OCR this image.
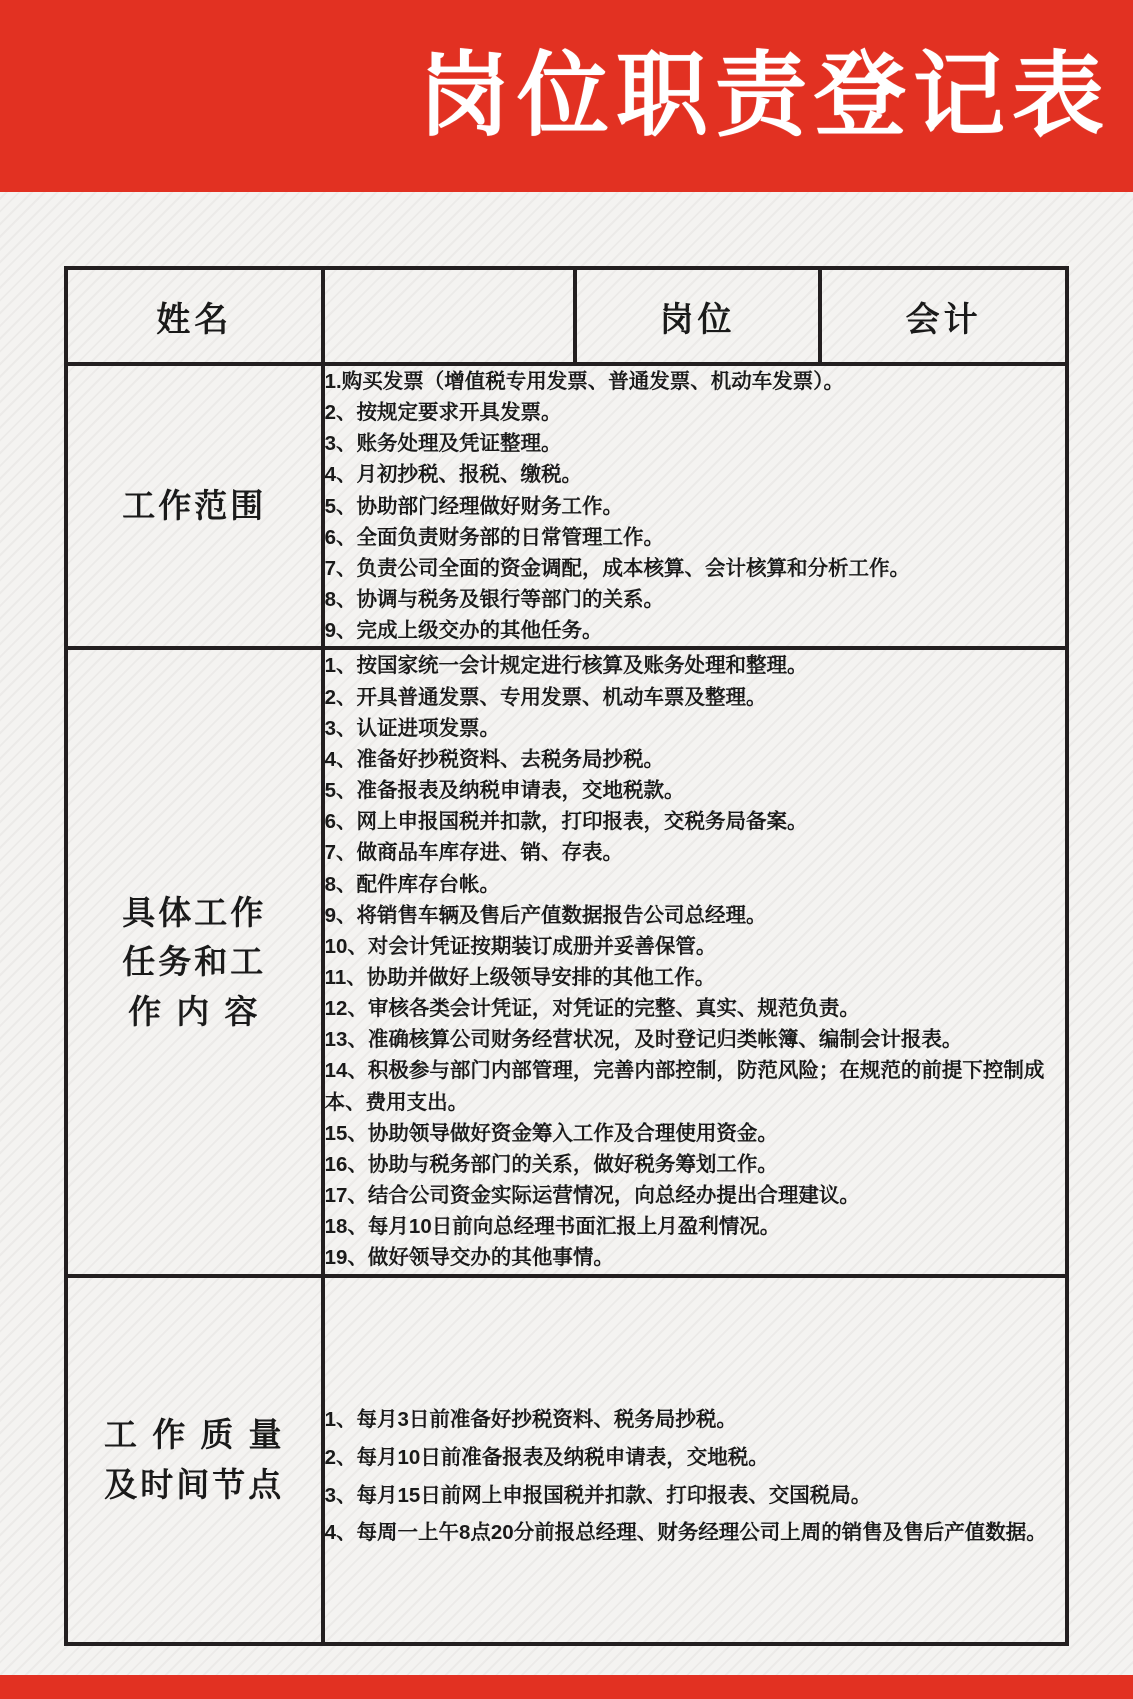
岗位职责登记表
姓名		岗位	会计

工作范围

1.购买发票（增值税专用发票、普通发票、机动车发票）。
2、按规定要求开具发票。
3、账务处理及凭证整理。
4、月初抄税、报税、缴税。
5、协助部门经理做好财务工作。
6、全面负责财务部的日常管理工作。
7、负责公司全面的资金调配，成本核算、会计核算和分析工作。
8、协调与税务及银行等部门的关系。
9、完成上级交办的其他任务。

具体工作
任务和工
作 内 容

1、按国家统一会计规定进行核算及账务处理和整理。
2、开具普通发票、专用发票、机动车票及整理。
3、认证进项发票。
4、准备好抄税资料、去税务局抄税。
5、准备报表及纳税申请表，交地税款。
6、网上申报国税并扣款，打印报表，交税务局备案。
7、做商品车库存进、销、存表。
8、配件库存台帐。
9、将销售车辆及售后产值数据报告公司总经理。
10、对会计凭证按期装订成册并妥善保管。
11、协助并做好上级领导安排的其他工作。
12、审核各类会计凭证，对凭证的完整、真实、规范负责。
13、准确核算公司财务经营状况，及时登记归类帐簿、编制会计报表。
14、积极参与部门内部管理，完善内部控制，防范风险；在规范的前提下控制成本、费用支出。
15、协助领导做好资金筹入工作及合理使用资金。
16、协助与税务部门的关系，做好税务筹划工作。
17、结合公司资金实际运营情况，向总经办提出合理建议。
18、每月10日前向总经理书面汇报上月盈利情况。
19、做好领导交办的其他事情。

工 作 质 量
及时间节点

1、每月3日前准备好抄税资料、税务局抄税。
2、每月10日前准备报表及纳税申请表，交地税。
3、每月15日前网上申报国税并扣款、打印报表、交国税局。
4、每周一上午8点20分前报总经理、财务经理公司上周的销售及售后产值数据。
